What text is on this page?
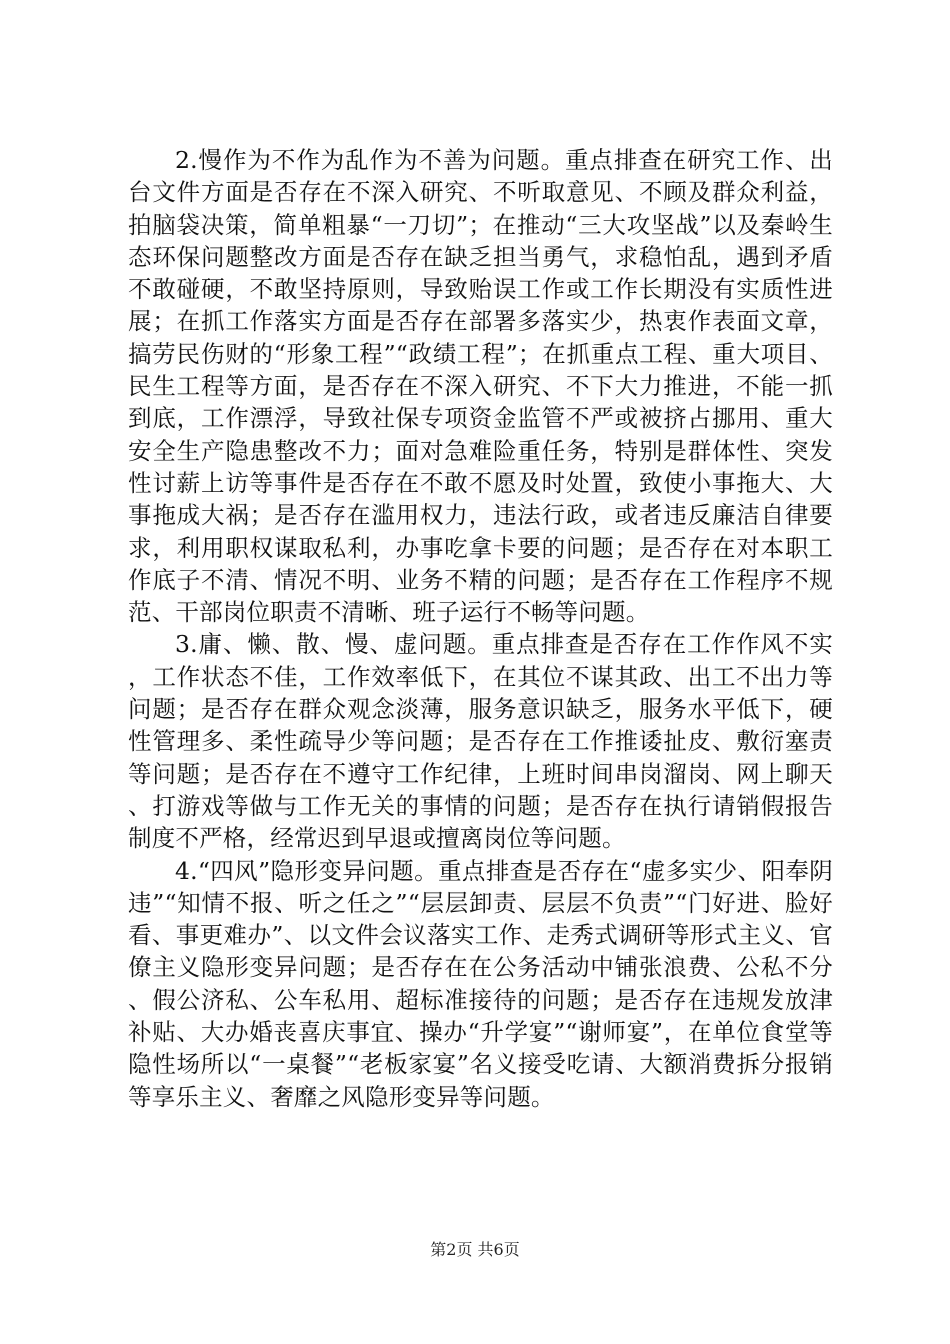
2.慢作为不作为乱作为不善为问题。重点排查在研究工作、出台文件方面是否存在不深入研究、不听取意见、不顾及群众利益，拍脑袋决策，简单粗暴“一刀切”；在推动“三大攻坚战”以及秦岭生态环保问题整改方面是否存在缺乏担当勇气，求稳怕乱，遇到矛盾不敢碰硬，不敢坚持原则，导致贻误工作或工作长期没有实质性进展；在抓工作落实方面是否存在部署多落实少，热衷作表面文章，搞劳民伤财的“形象工程”“政绩工程”；在抓重点工程、重大项目、民生工程等方面，是否存在不深入研究、不下大力推进，不能一抓到底，工作漂浮，导致社保专项资金监管不严或被挤占挪用、重大安全生产隐患整改不力；面对急难险重任务，特别是群体性、突发性讨薪上访等事件是否存在不敢不愿及时处置，致使小事拖大、大事拖成大祸；是否存在滥用权力，违法行政，或者违反廉洁自律要求，利用职权谋取私利，办事吃拿卡要的问题；是否存在对本职工作底子不清、情况不明、业务不精的问题；是否存在工作程序不规范、干部岗位职责不清晰、班子运行不畅等问题。

3.庸、懒、散、慢、虚问题。重点排查是否存在工作作风不实，工作状态不佳，工作效率低下，在其位不谋其政、出工不出力等问题；是否存在群众观念淡薄，服务意识缺乏，服务水平低下，硬性管理多、柔性疏导少等问题；是否存在工作推诿扯皮、敷衍塞责等问题；是否存在不遵守工作纪律，上班时间串岗溜岗、网上聊天、打游戏等做与工作无关的事情的问题；是否存在执行请销假报告制度不严格，经常迟到早退或擅离岗位等问题。

4.“四风”隐形变异问题。重点排查是否存在“虚多实少、阳奉阴违”“知情不报、听之任之”“层层卸责、层层不负责”“门好进、脸好看、事更难办”、以文件会议落实工作、走秀式调研等形式主义、官僚主义隐形变异问题；是否存在在公务活动中铺张浪费、公私不分、假公济私、公车私用、超标准接待的问题；是否存在违规发放津补贴、大办婚丧喜庆事宜、操办“升学宴”“谢师宴”，在单位食堂等隐性场所以“一桌餐”“老板家宴”名义接受吃请、大额消费拆分报销等享乐主义、奢靡之风隐形变异等问题。

第2页 共6页
